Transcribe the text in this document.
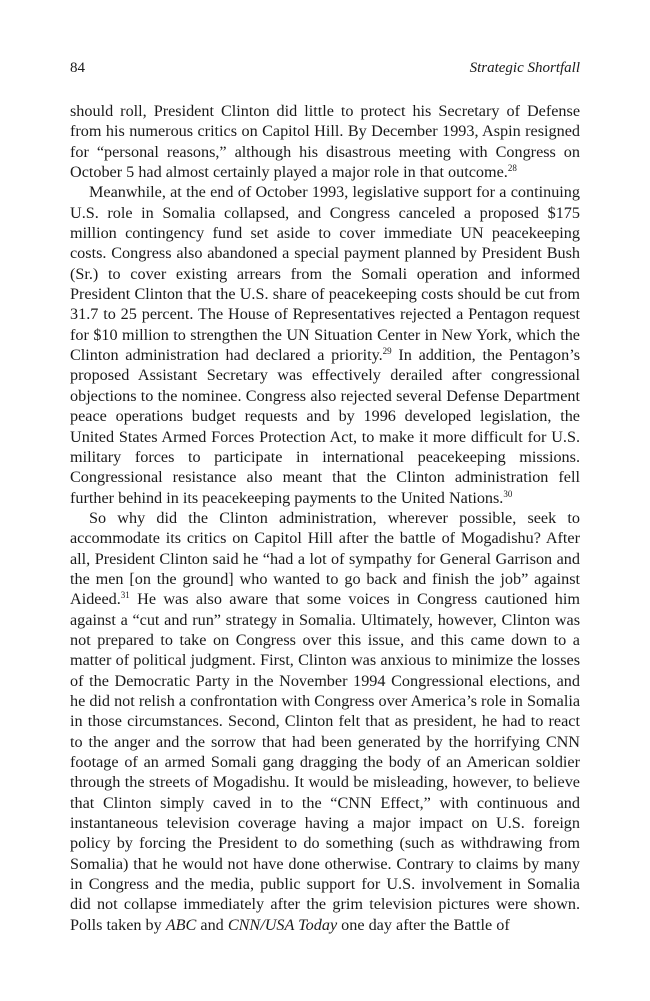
84	Strategic Shortfall

should roll, President Clinton did little to protect his Secretary of Defense from his numerous critics on Capitol Hill. By December 1993, Aspin resigned for “personal reasons,” although his disastrous meeting with Congress on October 5 had almost certainly played a major role in that outcome.$^{28}$

Meanwhile, at the end of October 1993, legislative support for a continuing U.S. role in Somalia collapsed, and Congress canceled a proposed $175 million contingency fund set aside to cover immediate UN peacekeeping costs. Congress also abandoned a special payment planned by President Bush (Sr.) to cover existing arrears from the Somali operation and informed President Clinton that the U.S. share of peacekeeping costs should be cut from 31.7 to 25 percent. The House of Representatives rejected a Pentagon request for $10 million to strengthen the UN Situation Center in New York, which the Clinton administration had declared a priority.$^{29}$ In addition, the Pentagon’s proposed Assistant Secretary was effectively derailed after congressional objections to the nominee. Congress also rejected several Defense Department peace operations budget requests and by 1996 developed legislation, the United States Armed Forces Protection Act, to make it more difficult for U.S. military forces to participate in international peacekeeping missions. Congressional resistance also meant that the Clinton administration fell further behind in its peacekeeping payments to the United Nations.$^{30}$

So why did the Clinton administration, wherever possible, seek to accommodate its critics on Capitol Hill after the battle of Mogadishu? After all, President Clinton said he “had a lot of sympathy for General Garrison and the men [on the ground] who wanted to go back and finish the job” against Aideed.$^{31}$ He was also aware that some voices in Congress cautioned him against a “cut and run” strategy in Somalia. Ultimately, however, Clinton was not prepared to take on Congress over this issue, and this came down to a matter of political judgment. First, Clinton was anxious to minimize the losses of the Democratic Party in the November 1994 Congressional elections, and he did not relish a confrontation with Congress over America’s role in Somalia in those circumstances. Second, Clinton felt that as president, he had to react to the anger and the sorrow that had been generated by the horrifying CNN footage of an armed Somali gang dragging the body of an American soldier through the streets of Mogadishu. It would be misleading, however, to believe that Clinton simply caved in to the “CNN Effect,” with continuous and instantaneous television coverage having a major impact on U.S. foreign policy by forcing the President to do something (such as withdrawing from Somalia) that he would not have done otherwise. Contrary to claims by many in Congress and the media, public support for U.S. involvement in Somalia did not collapse immediately after the grim television pictures were shown. Polls taken by ABC and CNN/USA Today one day after the Battle of
